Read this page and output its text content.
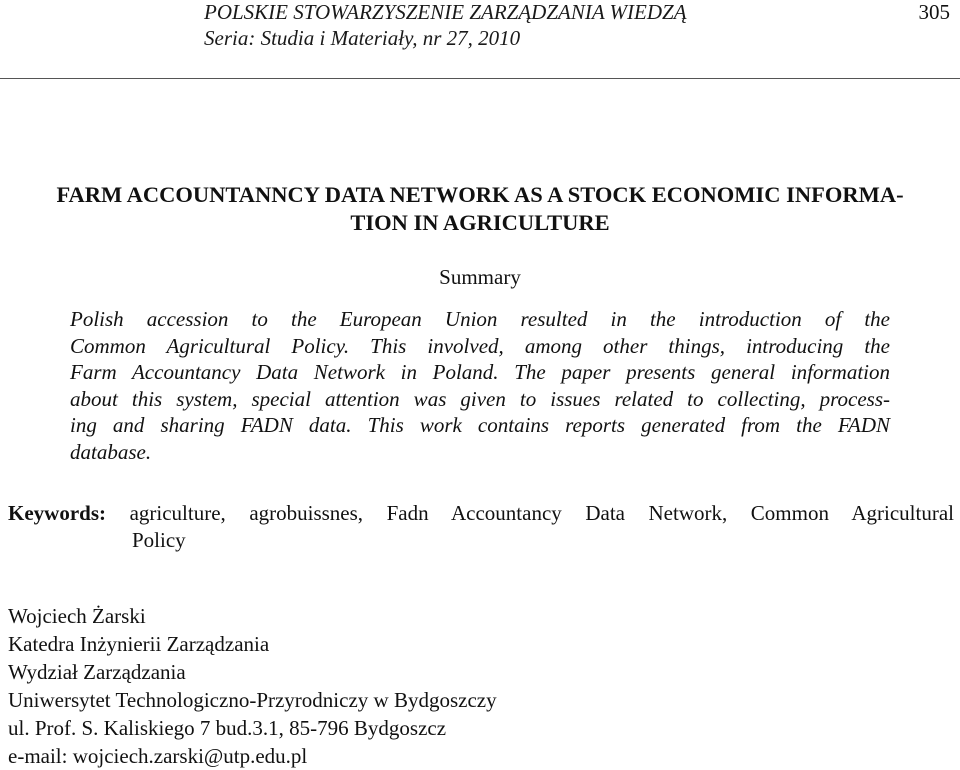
POLSKIE STOWARZYSZENIE ZARZĄDZANIA WIEDZĄ
Seria: Studia i Materiały, nr 27, 2010
305
FARM ACCOUNTANNCY DATA NETWORK AS A STOCK ECONOMIC INFORMA-
TION IN AGRICULTURE
Summary

Polish accession to the European Union resulted in the introduction of the
Common Agricultural Policy. This involved, among other things, introducing the
Farm Accountancy Data Network in Poland. The paper presents general information
about this system, special attention was given to issues related to collecting, process-
ing and sharing FADN data. This work contains reports generated from the FADN
database.

Keywords: agriculture, agrobuissnes, Fadn Accountancy Data Network, Common Agricultural
Policy
Wojciech Żarski
Katedra Inżynierii Zarządzania
Wydział Zarządzania
Uniwersytet Technologiczno-Przyrodniczy w Bydgoszczy
ul. Prof. S. Kaliskiego 7 bud.3.1, 85-796 Bydgoszcz
e-mail: wojciech.zarski@utp.edu.pl
